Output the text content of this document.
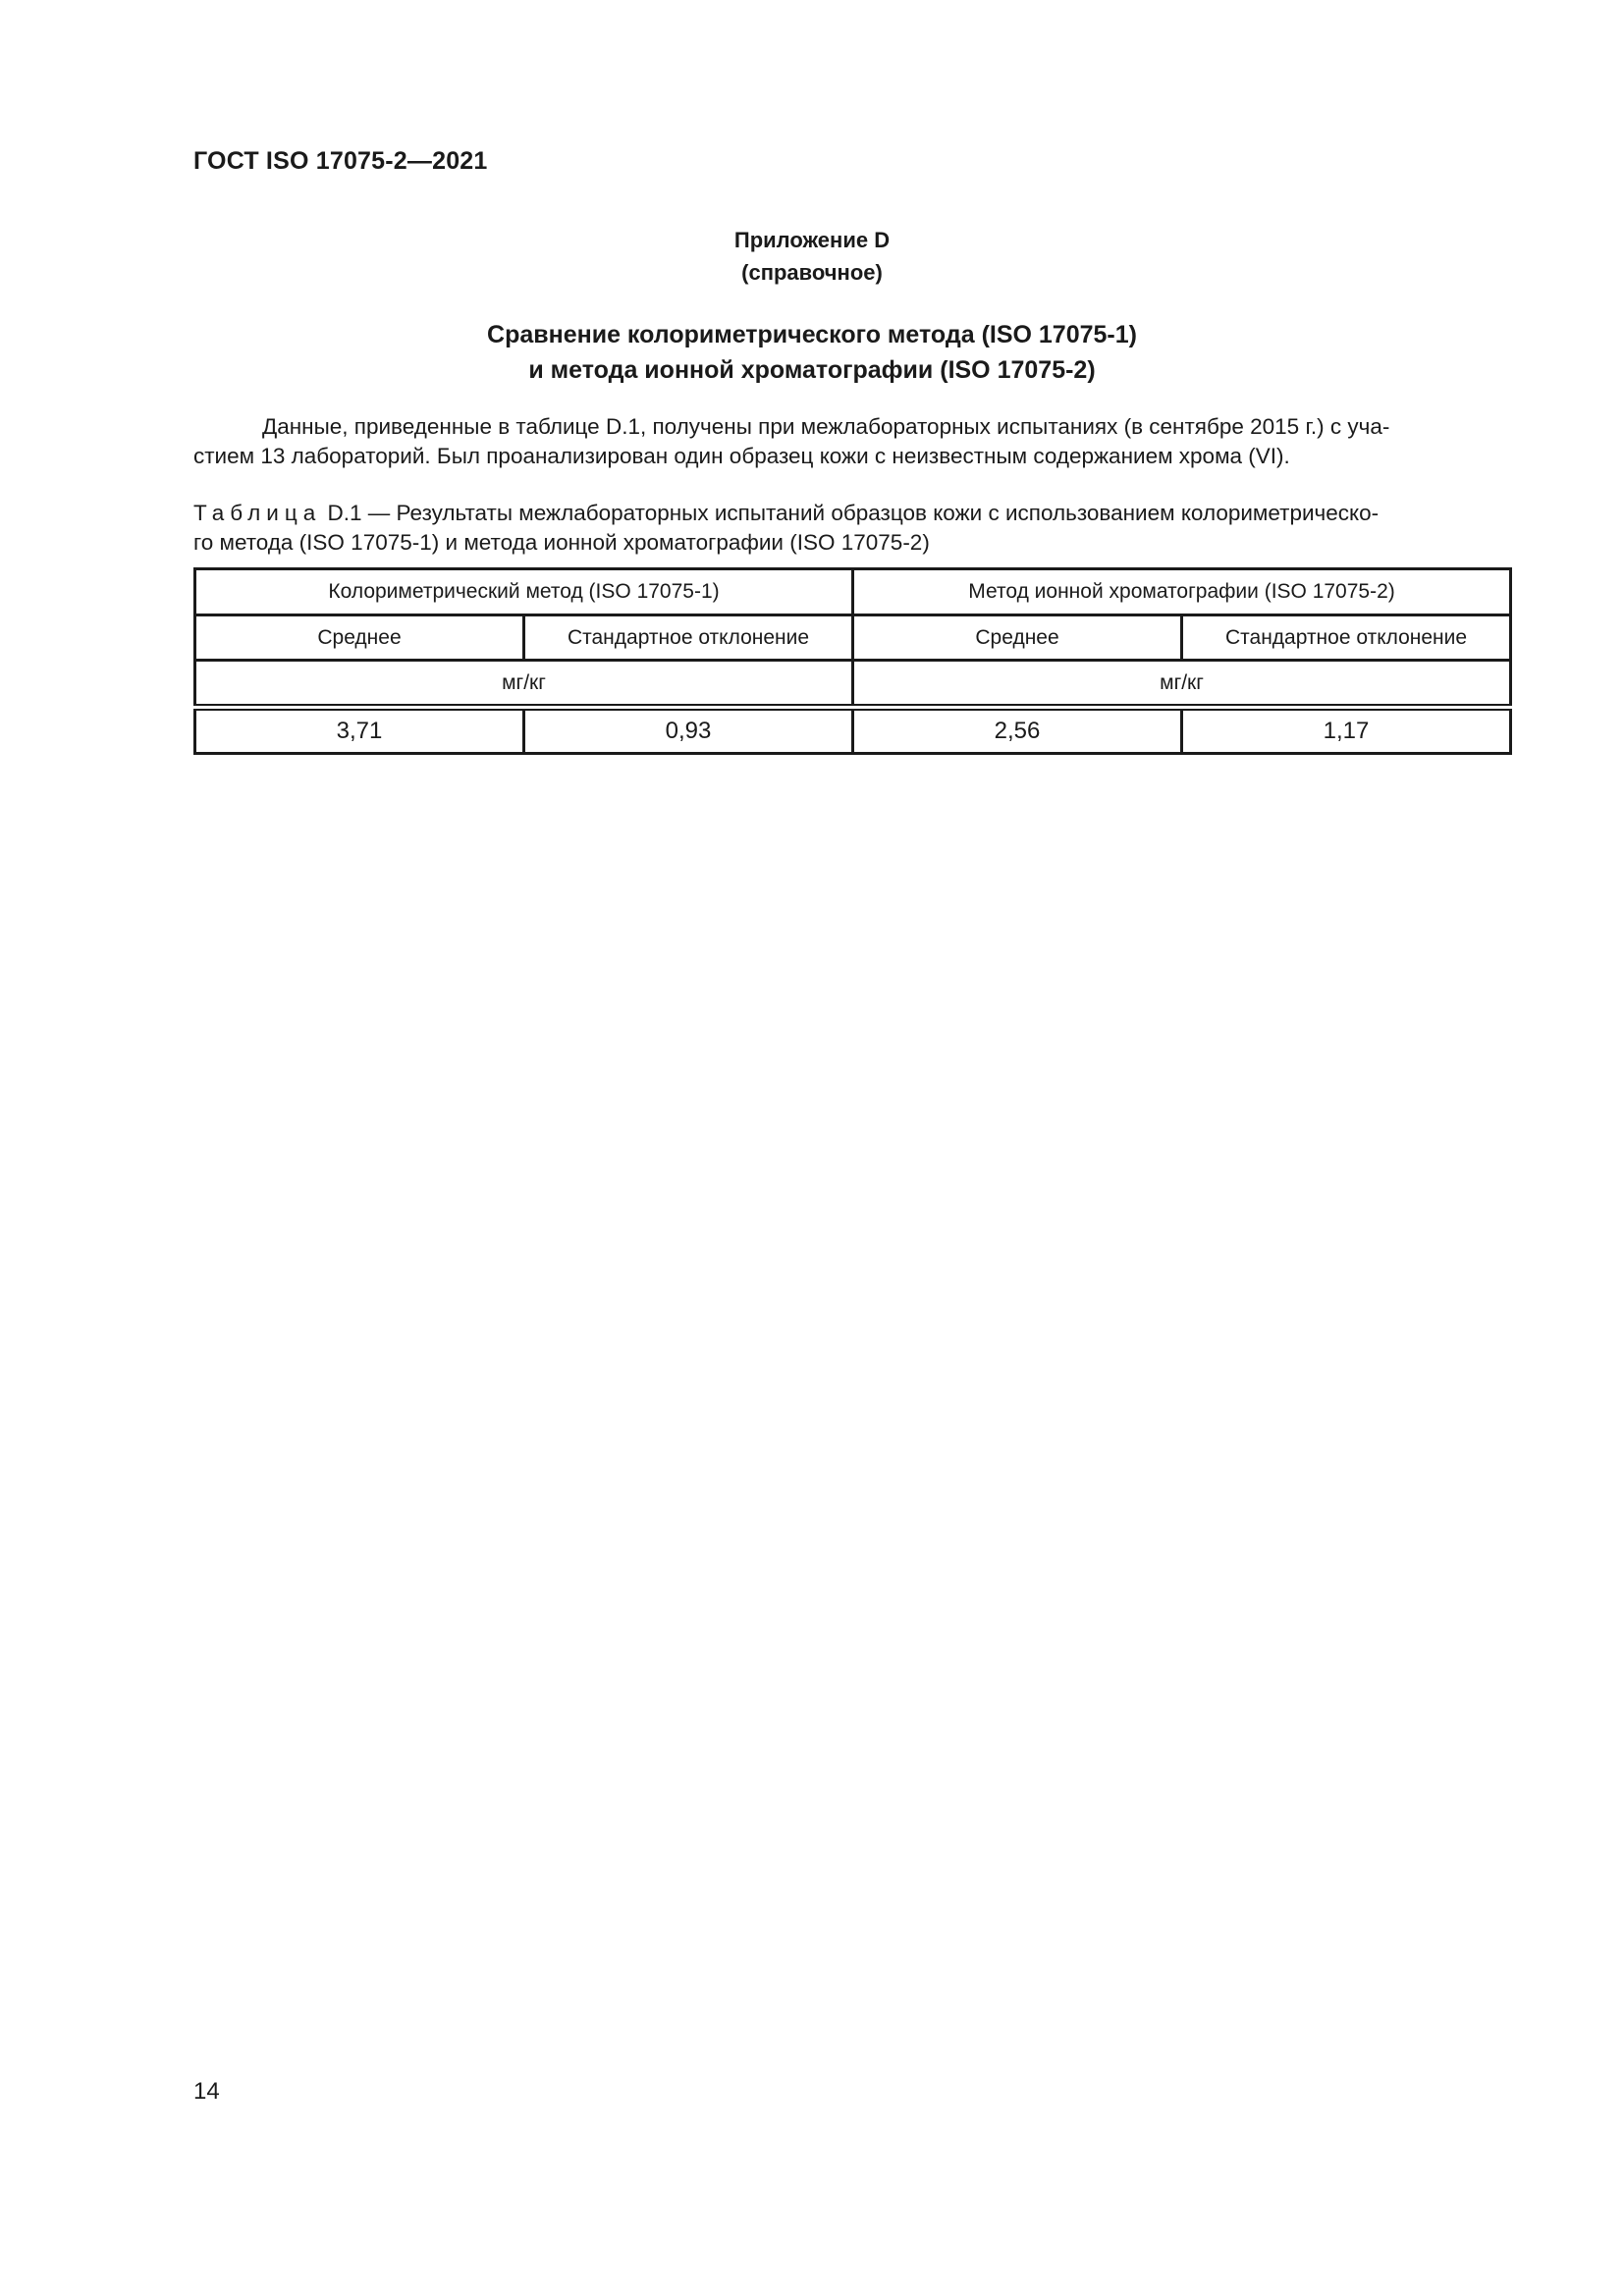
ГОСТ ISO 17075-2—2021
Приложение D
(справочное)
Сравнение колориметрического метода (ISO 17075-1)
и метода ионной хроматографии (ISO 17075-2)
Данные, приведенные в таблице D.1, получены при межлабораторных испытаниях (в сентябре 2015 г.) с уча-
стием 13 лабораторий. Был проанализирован один образец кожи с неизвестным содержанием хрома (VI).
Таблица D.1 — Результаты межлабораторных испытаний образцов кожи с использованием колориметрическо-
го метода (ISO 17075-1) и метода ионной хроматографии (ISO 17075-2)
Колориметрический метод (ISO 17075-1)		Метод ионной хроматографии (ISO 17075-2)	
Среднее	Стандартное отклонение	Среднее	Стандартное отклонение
мг/кг		мг/кг	
3,71	0,93	2,56	1,17
14
